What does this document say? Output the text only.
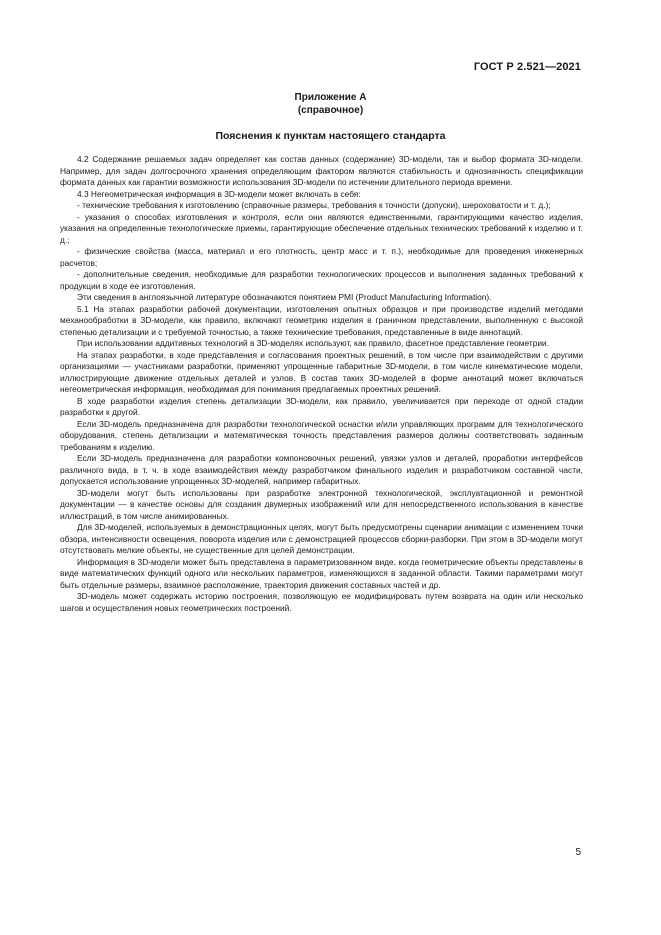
ГОСТ Р 2.521—2021
Приложение А
(справочное)
Пояснения к пунктам настоящего стандарта

4.2 Содержание решаемых задач определяет как состав данных (содержание) 3D-модели, так и выбор формата 3D-модели. Например, для задач долгосрочного хранения определяющим фактором являются стабильность и однозначность спецификации формата данных как гарантии возможности использования 3D-модели по истечении длительного периода времени.

4.3 Негеометрическая информация в 3D-модели может включать в себя:

- технические требования к изготовлению (справочные размеры, требования к точности (допуски), шероховатости и т. д.);

- указания о способах изготовления и контроля, если они являются единственными, гарантирующими качество изделия, указания на определенные технологические приемы, гарантирующие обеспечение отдельных технических требований к изделию и т. д.;

- физические свойства (масса, материал и его плотность, центр масс и т. п.), необходимые для проведения инженерных расчетов;

- дополнительные сведения, необходимые для разработки технологических процессов и выполнения заданных требований к продукции в ходе ее изготовления.

Эти сведения в англоязычной литературе обозначаются понятием PMI (Product Manufacturing Information).

5.1 На этапах разработки рабочей документации, изготовления опытных образцов и при производстве изделий методами механообработки в 3D-модели, как правило, включают геометрию изделия в граничном представлении, выполненную с высокой степенью детализации и с требуемой точностью, а также технические требования, представленные в виде аннотаций.

При использовании аддитивных технологий в 3D-моделях используют, как правило, фасетное представление геометрии.

На этапах разработки, в ходе представления и согласования проектных решений, в том числе при взаимодействии с другими организациями — участниками разработки, применяют упрощенные габаритные 3D-модели, в том числе кинематические модели, иллюстрирующие движение отдельных деталей и узлов. В состав таких 3D-моделей в форме аннотаций может включаться негеометрическая информация, необходимая для понимания предлагаемых проектных решений.

В ходе разработки изделия степень детализации 3D-модели, как правило, увеличивается при переходе от одной стадии разработки к другой.

Если 3D-модель предназначена для разработки технологической оснастки и/или управляющих программ для технологического оборудования, степень детализации и математическая точность представления размеров должны соответствовать заданным требованиям к изделию.

Если 3D-модель предназначена для разработки компоновочных решений, увязки узлов и деталей, проработки интерфейсов различного вида, в т. ч. в ходе взаимодействия между разработчиком финального изделия и разработчиком составной части, допускается использование упрощенных 3D-моделей, например габаритных.

3D-модели могут быть использованы при разработке электронной технологической, эксплуатационной и ремонтной документации — в качестве основы для создания двумерных изображений или для непосредственного использования в качестве иллюстраций, в том числе анимированных.

Для 3D-моделей, используемых в демонстрационных целях, могут быть предусмотрены сценарии анимации с изменением точки обзора, интенсивности освещения, поворота изделия или с демонстрацией процессов сборки-разборки. При этом в 3D-модели могут отсутствовать мелкие объекты, не существенные для целей демонстрации.

Информация в 3D-модели может быть представлена в параметризованном виде, когда геометрические объекты представлены в виде математических функций одного или нескольких параметров, изменяющихся в заданной области. Такими параметрами могут быть отдельные размеры, взаимное расположение, траектория движения составных частей и др.

3D-модель может содержать историю построения, позволяющую ее модифицировать путем возврата на один или несколько шагов и осуществления новых геометрических построений.

5
